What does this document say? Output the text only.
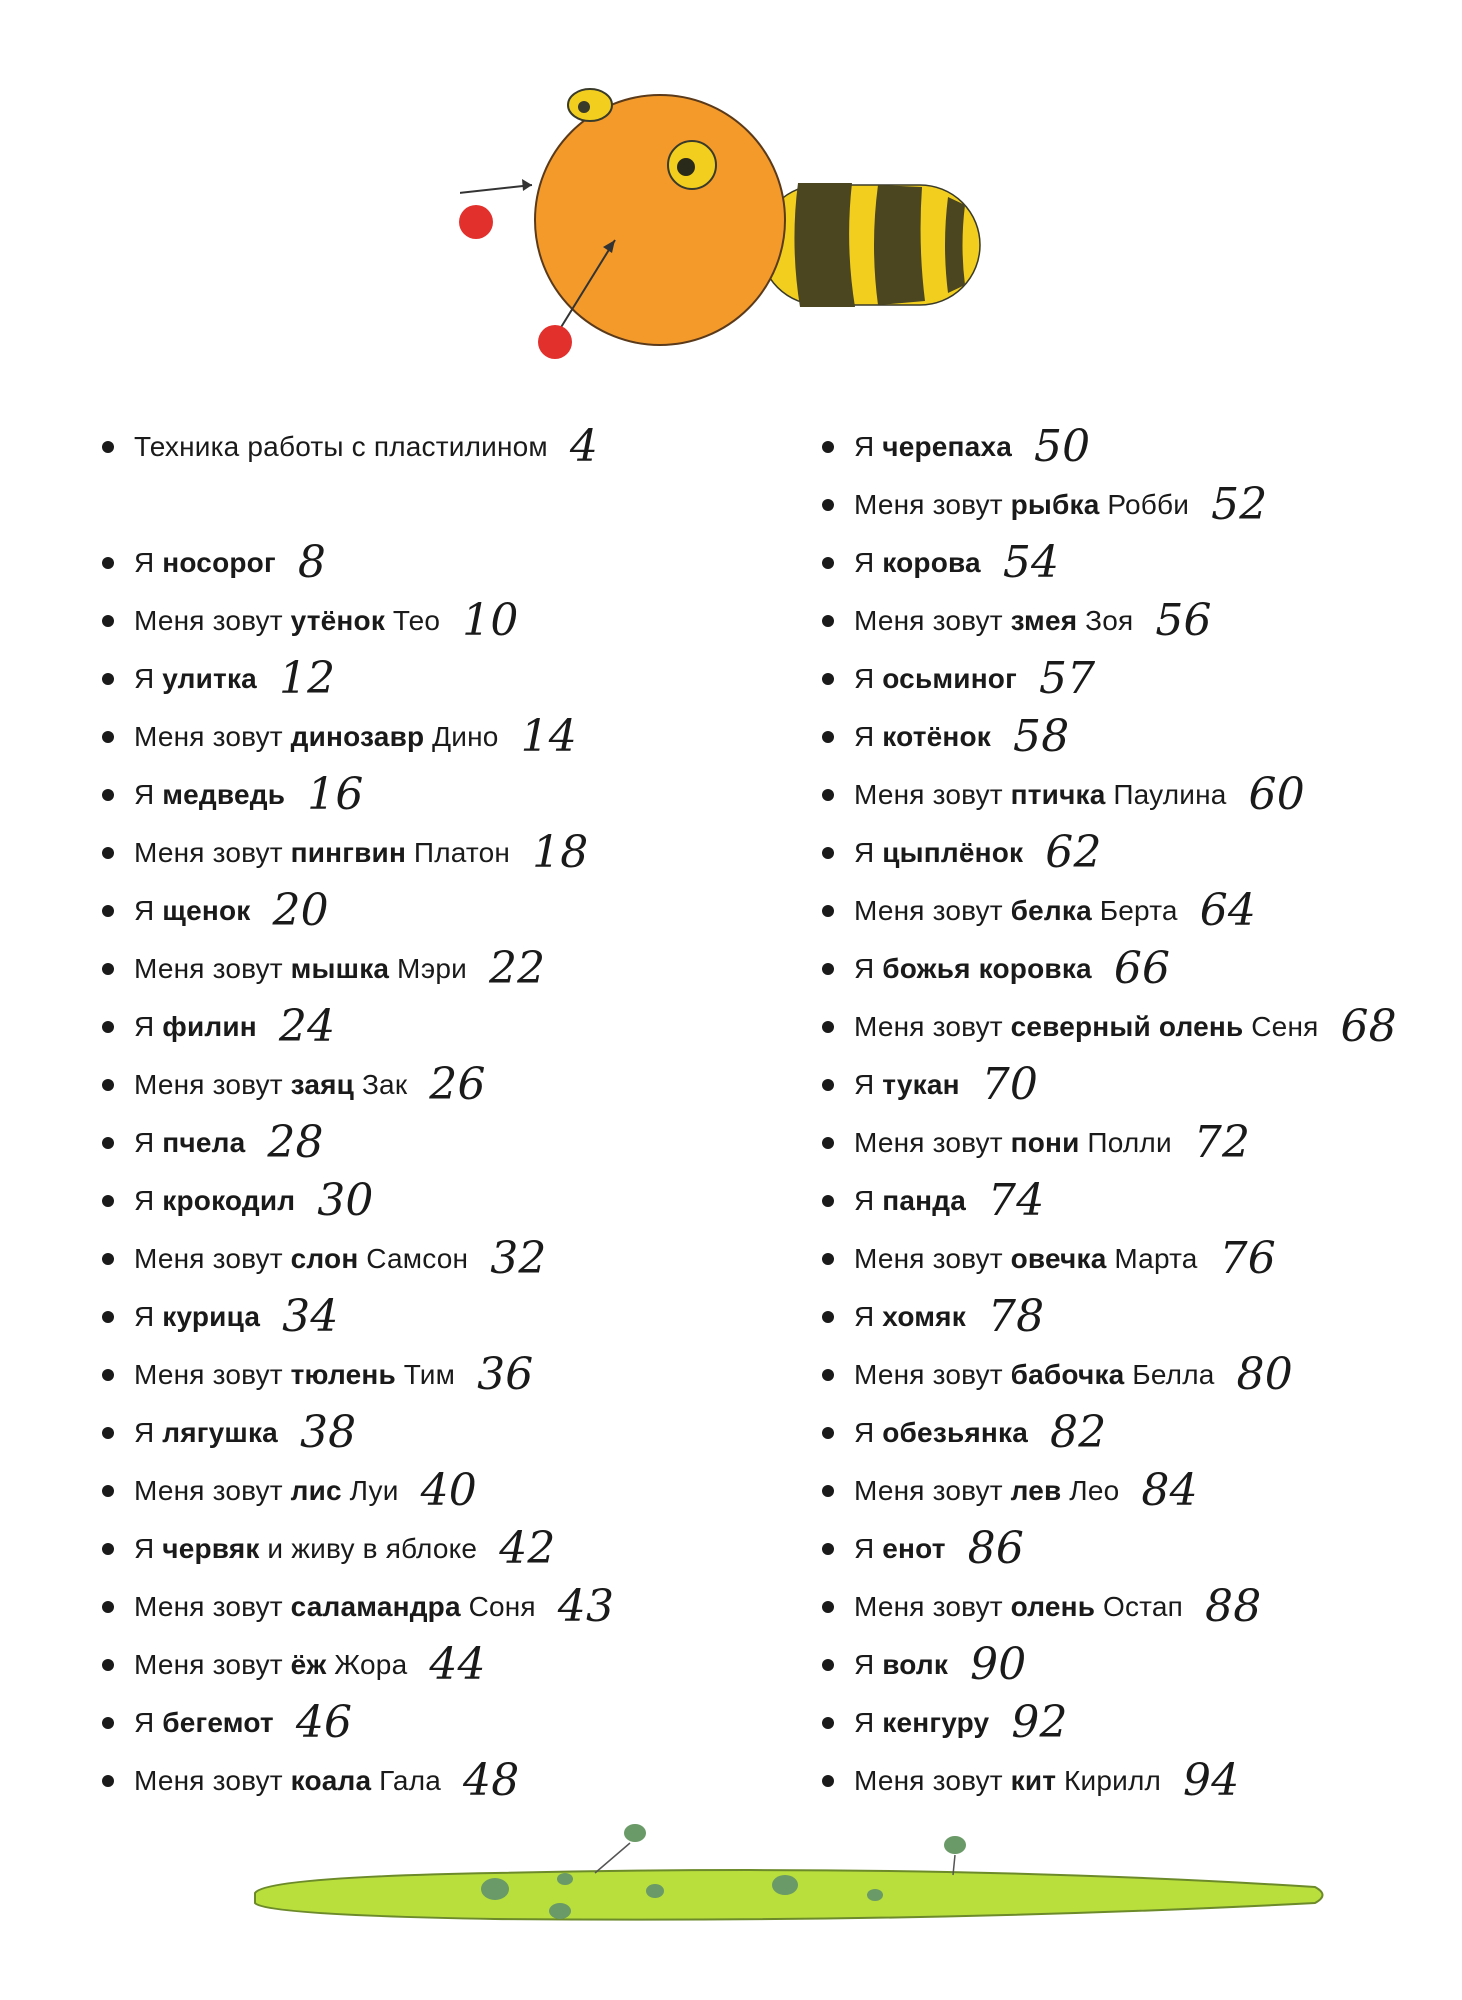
Техника работы с пластилином 4
Я носорог 8
Меня зовут утёнок Тео 10
Я улитка 12
Меня зовут динозавр Дино 14
Я медведь 16
Меня зовут пингвин Платон 18
Я щенок 20
Меня зовут мышка Мэри 22
Я филин 24
Меня зовут заяц Зак 26
Я пчела 28
Я крокодил 30
Меня зовут слон Самсон 32
Я курица 34
Меня зовут тюлень Тим 36
Я лягушка 38
Меня зовут лис Луи 40
Я червяк и живу в яблоке 42
Меня зовут саламандра Соня 43
Меня зовут ёж Жора 44
Я бегемот 46
Меня зовут коала Гала 48
Я черепаха 50
Меня зовут рыбка Робби 52
Я корова 54
Меня зовут змея Зоя 56
Я осьминог 57
Я котёнок 58
Меня зовут птичка Паулина 60
Я цыплёнок 62
Меня зовут белка Берта 64
Я божья коровка 66
Меня зовут северный олень Сеня 68
Я тукан 70
Меня зовут пони Полли 72
Я панда 74
Меня зовут овечка Марта 76
Я хомяк 78
Меня зовут бабочка Белла 80
Я обезьянка 82
Меня зовут лев Лео 84
Я енот 86
Меня зовут олень Остап 88
Я волк 90
Я кенгуру 92
Меня зовут кит Кирилл 94
